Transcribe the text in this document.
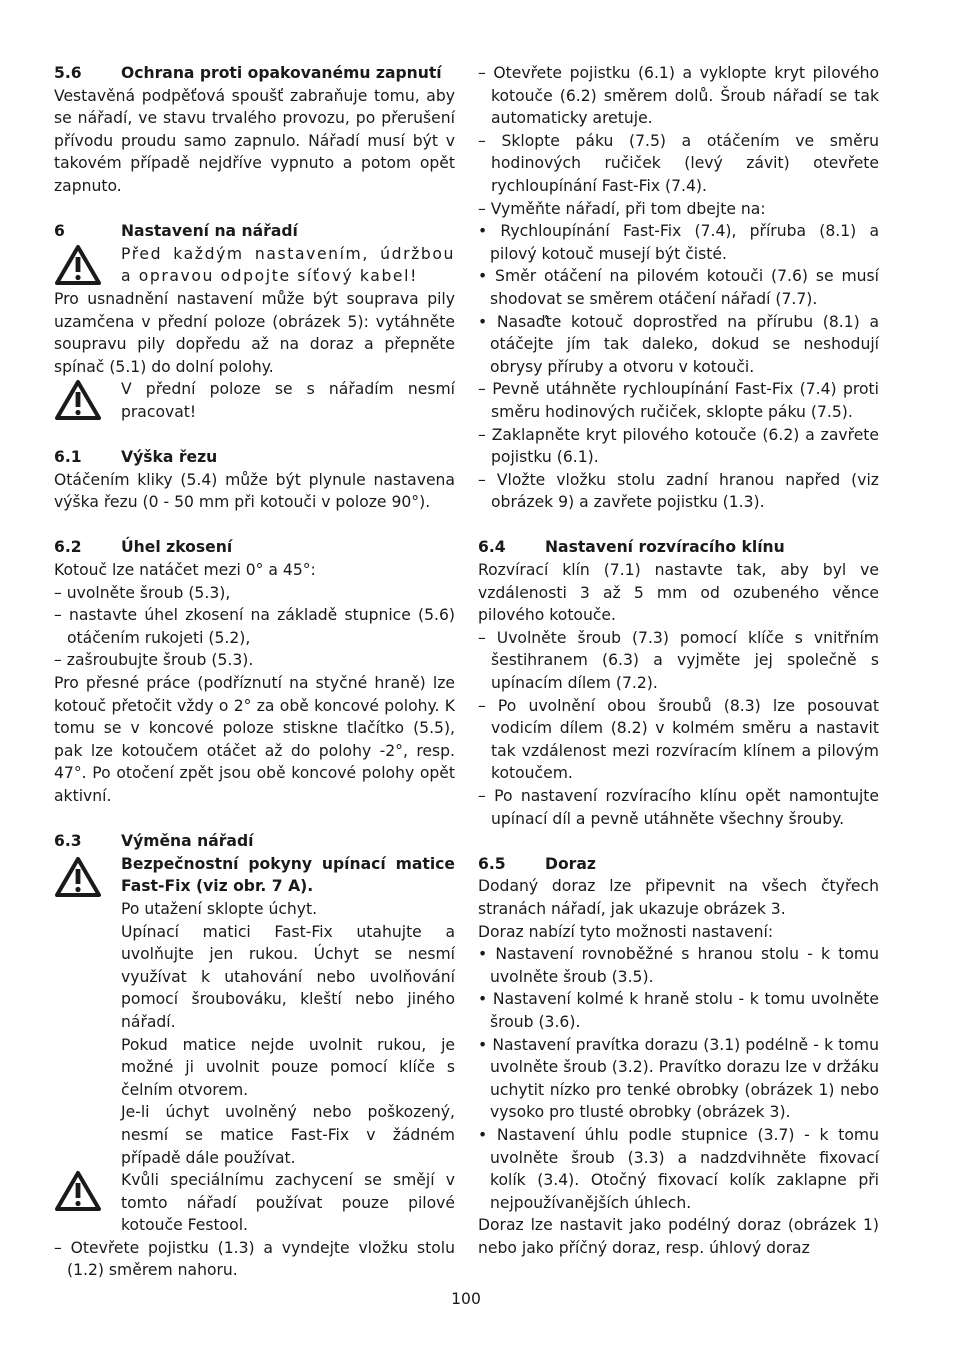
5.6	Ochrana proti opakovanému zapnutí

Vestavěná podpěťová spoušť zabraňuje tomu, aby se nářadí, ve stavu trvalého provozu, po přerušení přívodu proudu samo zapnulo. Nářadí musí být v takovém případě nejdříve vypnuto a potom opět zapnuto.

6	Nastavení na nářadí

Před každým nastavením, údržbou a opravou odpojte síťový kabel!

Pro usnadnění nastavení může být souprava pily uzamčena v přední poloze (obrázek 5): vytáhněte soupravu pily dopředu až na doraz a přepněte spínač (5.1) do dolní polohy.

V přední poloze se s nářadím nesmí pracovat!

6.1	Výška řezu

Otáčením kliky (5.4) může být plynule nastavena výška řezu (0 - 50 mm při kotouči v poloze 90°).

6.2	Úhel zkosení

Kotouč lze natáčet mezi 0° a 45°:

– uvolněte šroub (5.3),

– nastavte úhel zkosení na základě stupnice (5.6) otáčením rukojeti (5.2),

– zašroubujte šroub (5.3).

Pro přesné práce (podříznutí na styčné hraně) lze kotouč přetočit vždy o 2° za obě koncové polohy. K tomu se v koncové poloze stiskne tlačítko (5.5), pak lze kotoučem otáčet až do polohy -2°, resp. 47°. Po otočení zpět jsou obě koncové polohy opět aktivní.

6.3	Výměna nářadí

Bezpečnostní pokyny upínací matice Fast-Fix (viz obr. 7 A).

Po utažení sklopte úchyt.

Upínací matici Fast-Fix utahujte a uvolňujte jen rukou. Úchyt se nesmí využívat k utahování nebo uvolňování pomocí šroubováku, kleští nebo jiného nářadí.

Pokud matice nejde uvolnit rukou, je možné ji uvolnit pouze pomocí klíče s čelním otvorem.

Je-li úchyt uvolněný nebo poškozený, nesmí se matice Fast-Fix v žádném případě dále používat.

Kvůli speciálnímu zachycení se smějí v tomto nářadí používat pouze pilové kotouče Festool.

– Otevřete pojistku (1.3) a vyndejte vložku stolu (1.2) směrem nahoru.

– Otevřete pojistku (6.1) a vyklopte kryt pilového kotouče (6.2) směrem dolů. Šroub nářadí se tak automaticky aretuje.

– Sklopte páku (7.5) a otáčením ve směru hodinových ručiček (levý závit) otevřete rychloupínání Fast-Fix (7.4).

– Vyměňte nářadí, při tom dbejte na:

• Rychloupínání Fast-Fix (7.4), příruba (8.1) a pilový kotouč musejí být čisté.

• Směr otáčení na pilovém kotouči (7.6) se musí shodovat se směrem otáčení nářadí (7.7).

• Nasaďte kotouč doprostřed na přírubu (8.1) a otáčejte jím tak daleko, dokud se neshodují obrysy příruby a otvoru v kotouči.

– Pevně utáhněte rychloupínání Fast-Fix (7.4) proti směru hodinových ručiček, sklopte páku (7.5).

– Zaklapněte kryt pilového kotouče (6.2) a zavřete pojistku (6.1).

– Vložte vložku stolu zadní hranou napřed (viz obrázek 9) a zavřete pojistku (1.3).

6.4	Nastavení rozvíracího klínu

Rozvírací klín (7.1) nastavte tak, aby byl ve vzdálenosti 3 až 5 mm od ozubeného věnce pilového kotouče.

– Uvolněte šroub (7.3) pomocí klíče s vnitřním šestihranem (6.3) a vyjměte jej společně s upínacím dílem (7.2).

– Po uvolnění obou šroubů (8.3) lze posouvat vodicím dílem (8.2) v kolmém směru a nastavit tak vzdálenost mezi rozvíracím klínem a pilovým kotoučem.

– Po nastavení rozvíracího klínu opět namontujte upínací díl a pevně utáhněte všechny šrouby.

6.5	Doraz

Dodaný doraz lze připevnit na všech čtyřech stranách nářadí, jak ukazuje obrázek 3.

Doraz nabízí tyto možnosti nastavení:

• Nastavení rovnoběžné s hranou stolu - k tomu uvolněte šroub (3.5).

• Nastavení kolmé k hraně stolu - k tomu uvolněte šroub (3.6).

• Nastavení pravítka dorazu (3.1) podélně - k tomu uvolněte šroub (3.2). Pravítko dorazu lze v držáku uchytit nízko pro tenké obrobky (obrázek 1) nebo vysoko pro tlusté obrobky (obrázek 3).

• Nastavení úhlu podle stupnice (3.7) - k tomu uvolněte šroub (3.3) a nadzdvihněte fixovací kolík (3.4). Otočný fixovací kolík zaklapne při nejpoužívanějších úhlech.

Doraz lze nastavit jako podélný doraz (obrázek 1) nebo jako příčný doraz, resp. úhlový doraz

100
